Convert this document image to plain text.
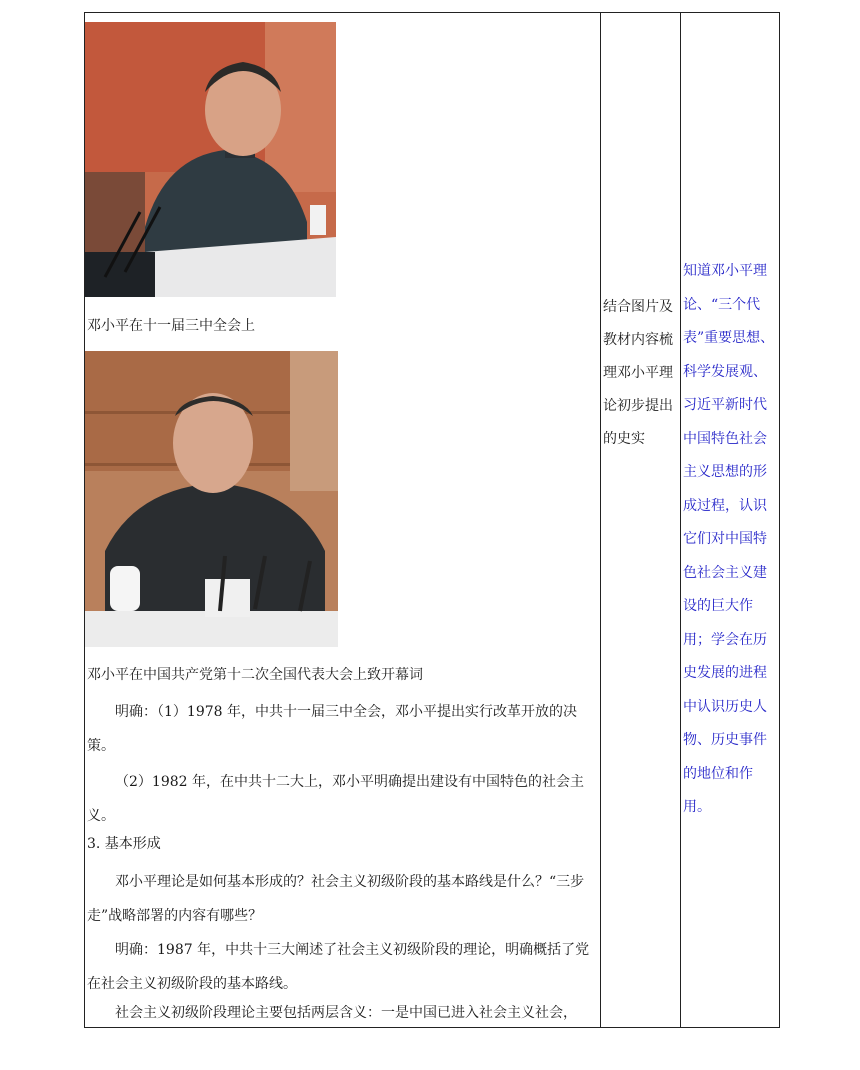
邓小平在十一届三中全会上
邓小平在中国共产党第十二次全国代表大会上致开幕词
明确：（1）1978 年，中共十一届三中全会，邓小平提出实行改革开放的决策。
（2）1982 年，在中共十二大上，邓小平明确提出建设有中国特色的社会主义。
3. 基本形成
邓小平理论是如何基本形成的？社会主义初级阶段的基本路线是什么？“三步走”战略部署的内容有哪些？
明确：1987 年，中共十三大阐述了社会主义初级阶段的理论，明确概括了党在社会主义初级阶段的基本路线。
社会主义初级阶段理论主要包括两层含义：一是中国已进入社会主义社会，
结合图片及教材内容梳理邓小平理论初步提出的史实
知道邓小平理论、“三个代表”重要思想、科学发展观、习近平新时代中国特色社会主义思想的形成过程，认识它们对中国特色社会主义建设的巨大作用；学会在历史发展的进程中认识历史人物、历史事件的地位和作用。
